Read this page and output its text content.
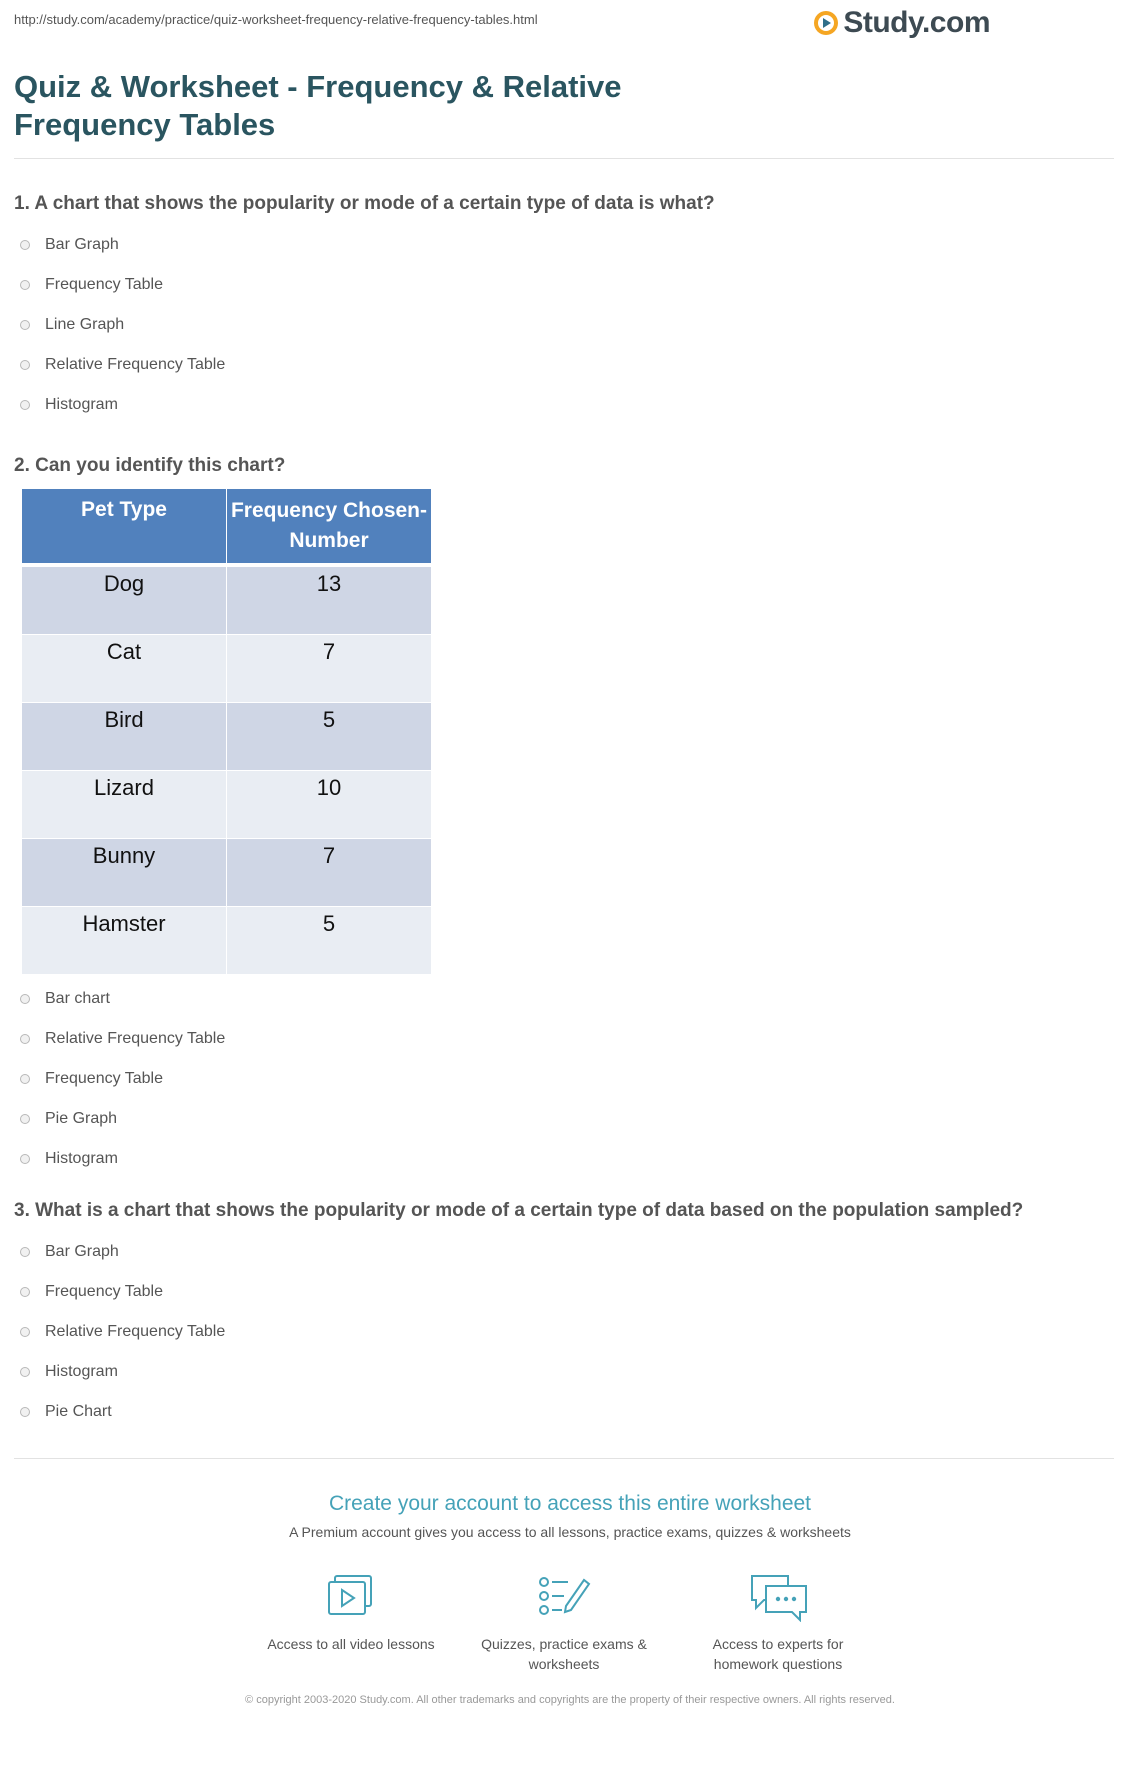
http://study.com/academy/practice/quiz-worksheet-frequency-relative-frequency-tables.html	Study.com
Quiz & Worksheet - Frequency & Relative Frequency Tables
1. A chart that shows the popularity or mode of a certain type of data is what?
Bar Graph
Frequency Table
Line Graph
Relative Frequency Table
Histogram
2. Can you identify this chart?
Pet Type	Frequency Chosen-Number
Dog	13
Cat	7
Bird	5
Lizard	10
Bunny	7
Hamster	5
Bar chart
Relative Frequency Table
Frequency Table
Pie Graph
Histogram
3. What is a chart that shows the popularity or mode of a certain type of data based on the population sampled?
Bar Graph
Frequency Table
Relative Frequency Table
Histogram
Pie Chart
Create your account to access this entire worksheet
A Premium account gives you access to all lessons, practice exams, quizzes & worksheets
Access to all video lessons	Quizzes, practice exams & worksheets
Access to experts for homework questions
© copyright 2003-2020 Study.com. All other trademarks and copyrights are the property of their respective owners. All rights reserved.
